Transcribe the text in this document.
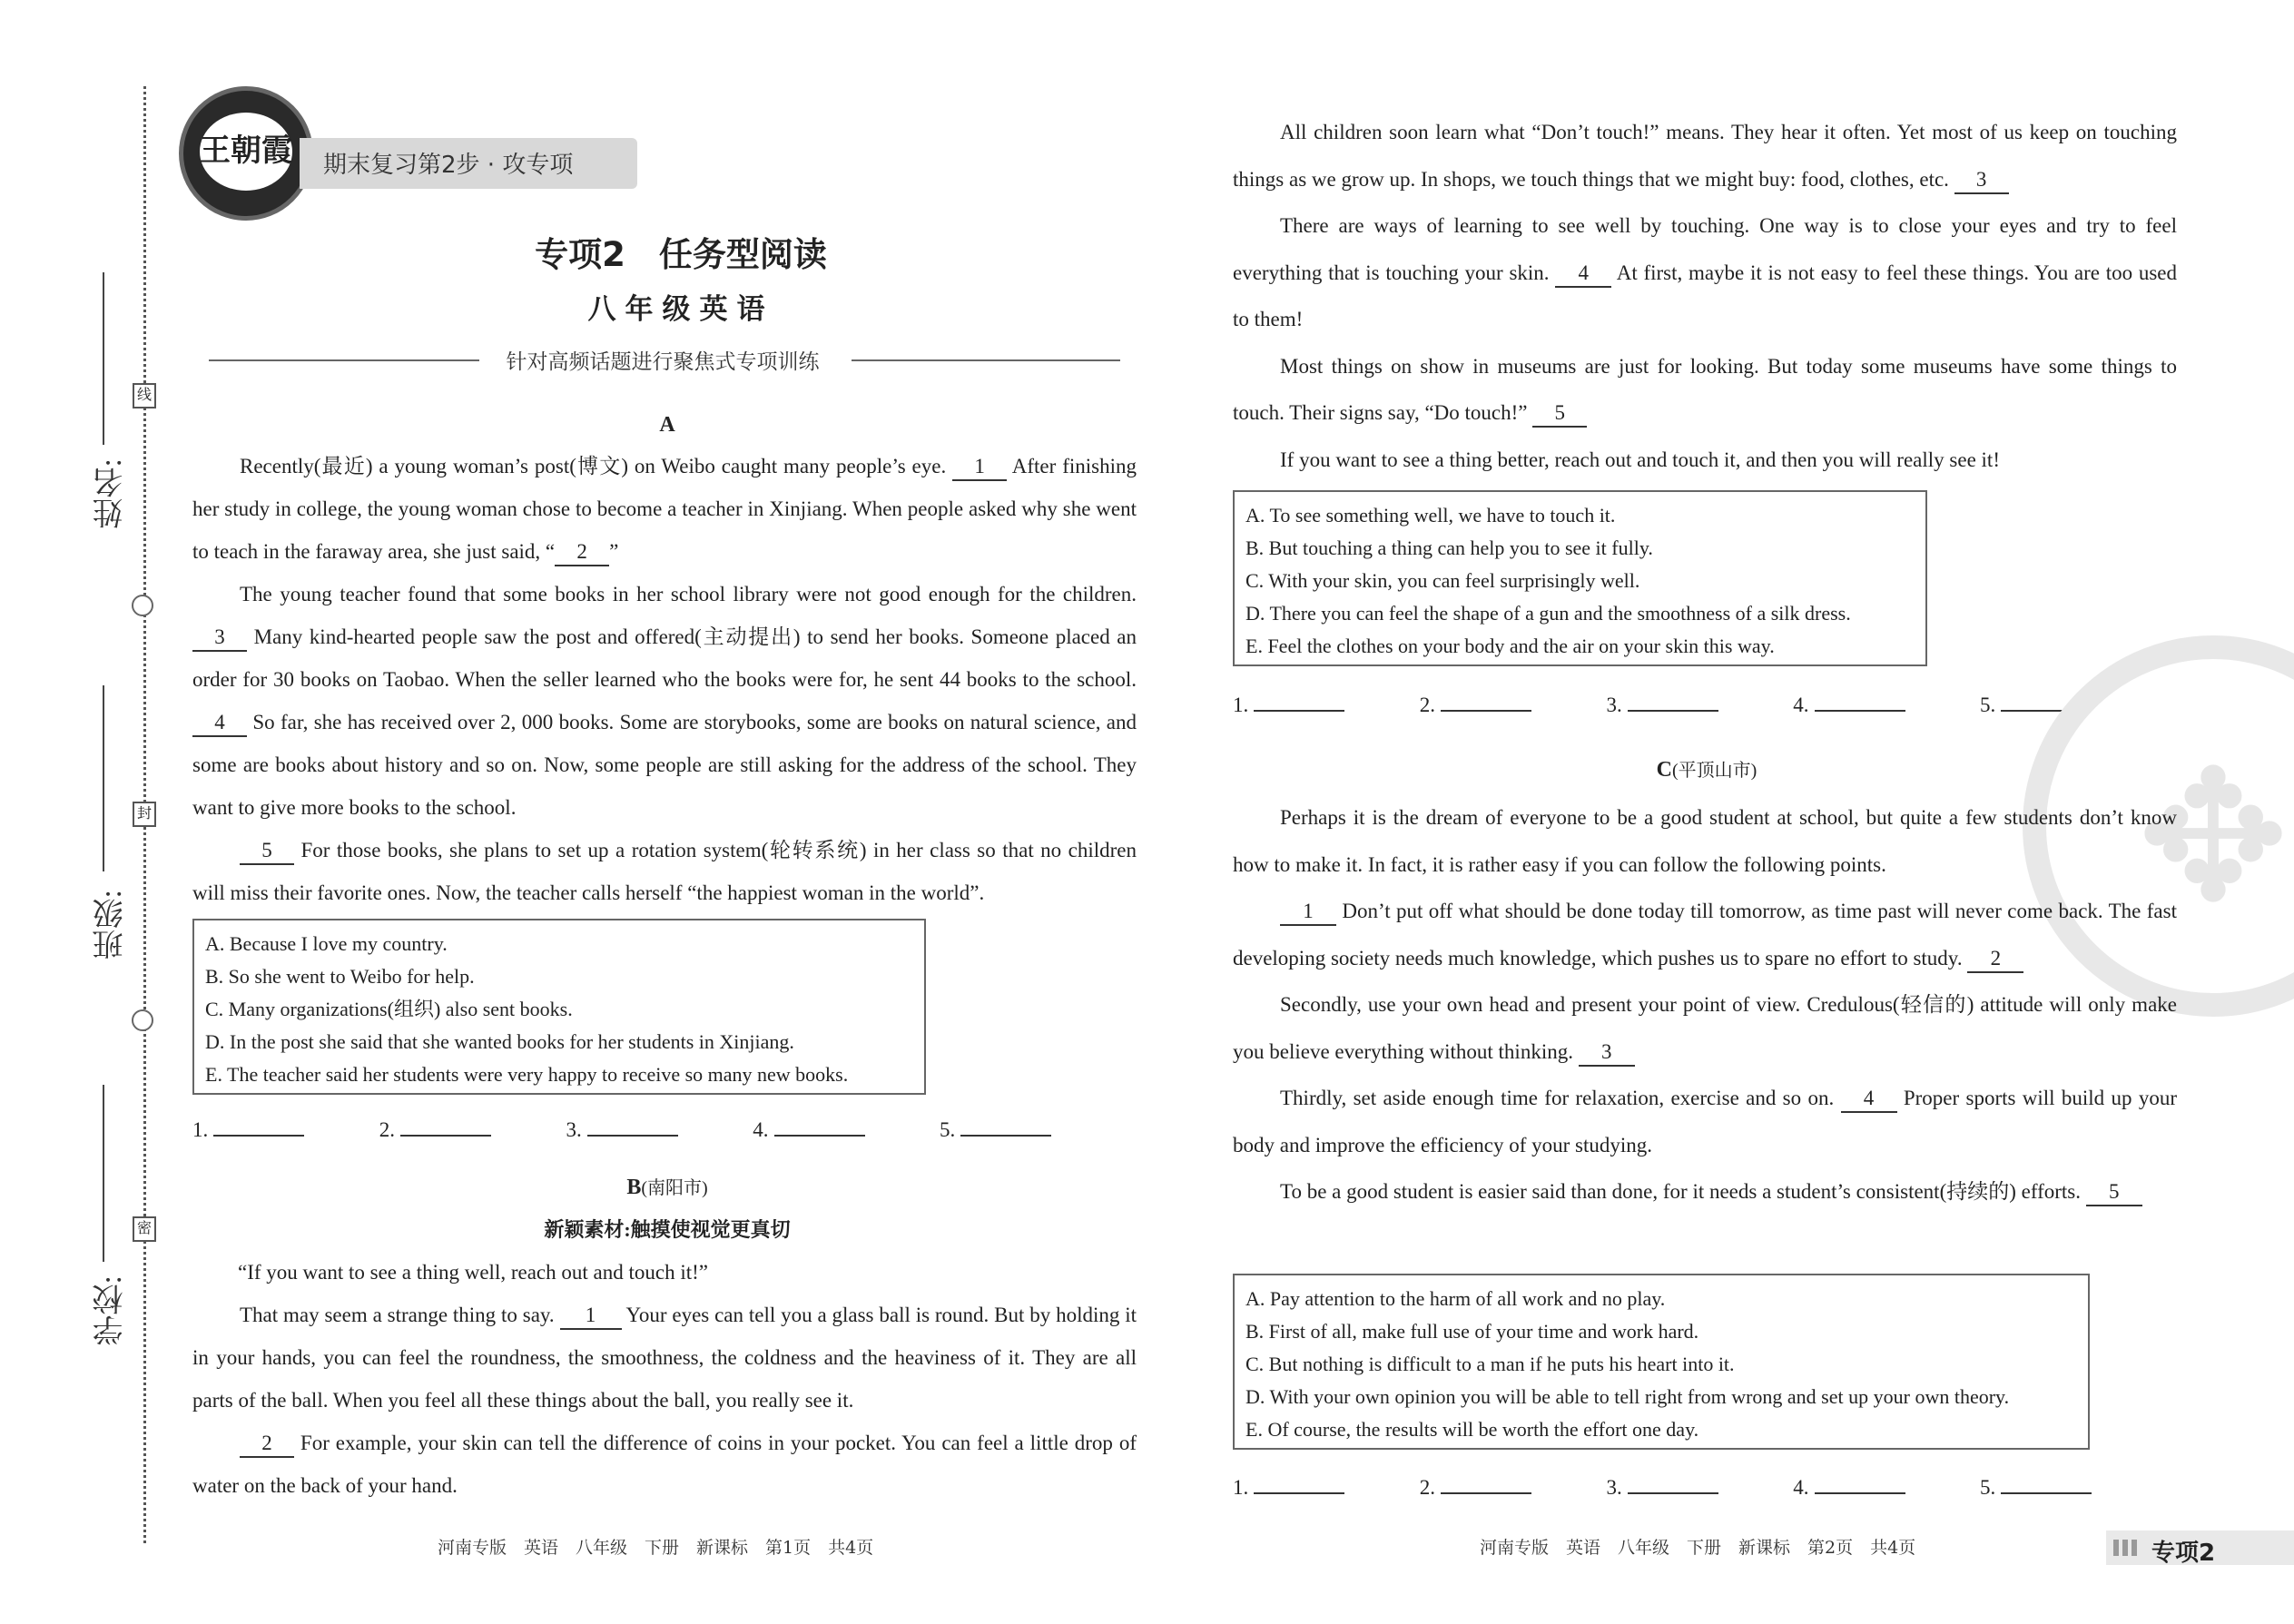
姓名:
班级:
学校:
线
封
密
王朝霞 期末复习第2步 · 攻专项
专项2　任务型阅读
八年级英语
针对高频话题进行聚焦式专项训练
A

Recently(最近) a young woman’s post(博文) on Weibo caught many people’s eye. 1 After finishing her study in college, the young woman chose to become a teacher in Xinjiang. When people asked why she went to teach in the faraway area, she just said, “ 2 ”

The young teacher found that some books in her school library were not good enough for the children. 3 Many kind-hearted people saw the post and offered(主动提出) to send her books. Someone placed an order for 30 books on Taobao. When the seller learned who the books were for, he sent 44 books to the school. 4 So far, she has received over 2, 000 books. Some are storybooks, some are books on natural science, and some are books about history and so on. Now, some people are still asking for the address of the school. They want to give more books to the school.

5 For those books, she plans to set up a rotation system(轮转系统) in her class so that no children will miss their favorite ones. Now, the teacher calls herself “the happiest woman in the world”.

A. Because I love my country.
B. So she went to Weibo for help.
C. Many organizations(组织) also sent books.
D. In the post she said that she wanted books for her students in Xinjiang.
E. The teacher said her students were very happy to receive so many new books.
1.	2.	3.	4.	5.
B(南阳市)
新颖素材:触摸使视觉更真切

“If you want to see a thing well, reach out and touch it!”

That may seem a strange thing to say. 1 Your eyes can tell you a glass ball is round. But by holding it in your hands, you can feel the roundness, the smoothness, the coldness and the heaviness of it. They are all parts of the ball. When you feel all these things about the ball, you really see it.

2 For example, your skin can tell the difference of coins in your pocket. You can feel a little drop of water on the back of your hand.

All children soon learn what “Don’t touch!” means. They hear it often. Yet most of us keep on touching things as we grow up. In shops, we touch things that we might buy: food, clothes, etc. 3

There are ways of learning to see well by touching. One way is to close your eyes and try to feel everything that is touching your skin. 4 At first, maybe it is not easy to feel these things. You are too used to them!

Most things on show in museums are just for looking. But today some museums have some things to touch. Their signs say, “Do touch!” 5

If you want to see a thing better, reach out and touch it, and then you will really see it!

A. To see something well, we have to touch it.
B. But touching a thing can help you to see it fully.
C. With your skin, you can feel surprisingly well.
D. There you can feel the shape of a gun and the smoothness of a silk dress.
E. Feel the clothes on your body and the air on your skin this way.
1.	2.	3.	4.	5.
✥
C(平顶山市)

Perhaps it is the dream of everyone to be a good student at school, but quite a few students don’t know how to make it. In fact, it is rather easy if you can follow the following points.

1 Don’t put off what should be done today till tomorrow, as time past will never come back. The fast developing society needs much knowledge, which pushes us to spare no effort to study. 2

Secondly, use your own head and present your point of view. Credulous(轻信的) attitude will only make you believe everything without thinking. 3

Thirdly, set aside enough time for relaxation, exercise and so on. 4 Proper sports will build up your body and improve the efficiency of your studying.

To be a good student is easier said than done, for it needs a student’s consistent(持续的) efforts. 5

A. Pay attention to the harm of all work and no play.
B. First of all, make full use of your time and work hard.
C. But nothing is difficult to a man if he puts his heart into it.
D. With your own opinion you will be able to tell right from wrong and set up your own theory.
E. Of course, the results will be worth the effort one day.
1.	2.	3.	4.	5.
河南专版　英语　八年级　下册　新课标　第1页　共4页	河南专版　英语　八年级　下册　新课标　第2页　共4页	专项2
